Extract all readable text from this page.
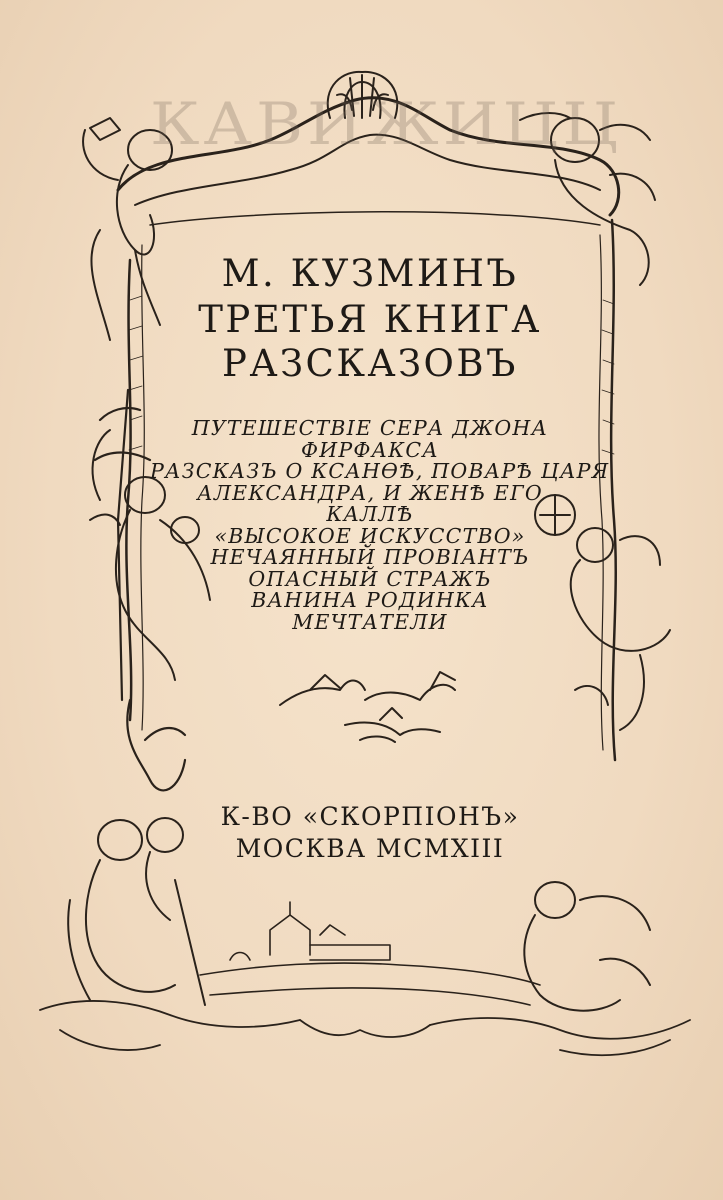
КАВИЖИЦЦ
М. КУЗМИНЪ
ТРЕТЬЯ КНИГА
РАЗСКАЗОВЪ
ПУТЕШЕСТВІЕ СЕРА ДЖОНА
ФИРФАКСА
РАЗСКАЗЪ О КСАНѲѢ, ПОВАРѢ ЦАРЯ
АЛЕКСАНДРА, И ЖЕНѢ ЕГО
КАЛЛѢ
«ВЫСОКОЕ ИСКУССТВО»
НЕЧАЯННЫЙ ПРОВІАНТЪ
ОПАСНЫЙ СТРАЖЪ
ВАНИНА РОДИНКА
МЕЧТАТЕЛИ
К-ВО «СКОРПІОНЪ»
МОСКВА MCMXIII
